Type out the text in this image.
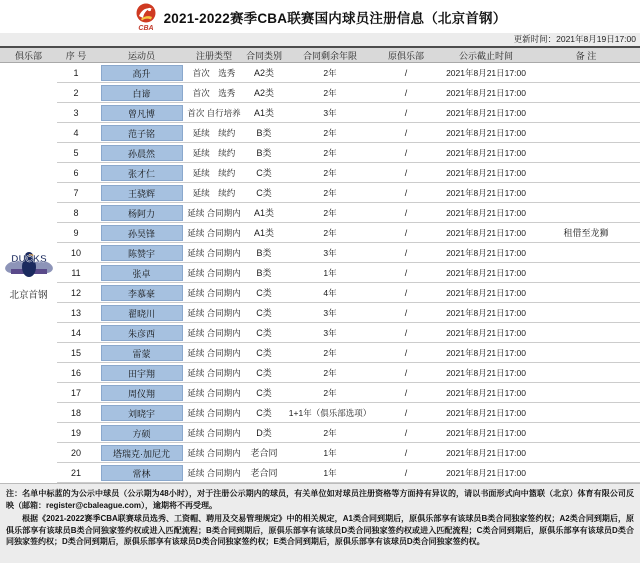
CBA
2021-2022赛季CBA联赛国内球员注册信息（北京首钢）
更新时间：2021年8月19日17:00
俱乐部	序 号	运动员	注册类型	合同类别	合同剩余年限	原俱乐部	公示截止时间	备 注
DUCKS
北京首钢
1	高升	首次　选秀	A2类	2年	/	2021年8月21日17:00
2	白谛	首次　选秀	A2类	2年	/	2021年8月21日17:00
3	曾凡博	首次 自行培养	A1类	3年	/	2021年8月21日17:00
4	范子铭	延续　续约	B类	2年	/	2021年8月21日17:00
5	孙晨然	延续　续约	B类	2年	/	2021年8月21日17:00
6	张才仁	延续　续约	C类	2年	/	2021年8月21日17:00
7	王骁辉	延续　续约	C类	2年	/	2021年8月21日17:00
8	杨阿力	延续 合同期内	A1类	2年	/	2021年8月21日17:00
9	孙昊锋	延续 合同期内	A1类	2年	/	2021年8月21日17:00	租借至龙狮
10	陈赞宇	延续 合同期内	B类	3年	/	2021年8月21日17:00
11	张卓	延续 合同期内	B类	1年	/	2021年8月21日17:00
12	李慕豪	延续 合同期内	C类	4年	/	2021年8月21日17:00
13	翟晓川	延续 合同期内	C类	3年	/	2021年8月21日17:00
14	朱彦西	延续 合同期内	C类	3年	/	2021年8月21日17:00
15	雷蒙	延续 合同期内	C类	2年	/	2021年8月21日17:00
16	田宇翔	延续 合同期内	C类	2年	/	2021年8月21日17:00
17	周仪翔	延续 合同期内	C类	2年	/	2021年8月21日17:00
18	刘晓宇	延续 合同期内	C类	1+1年（俱乐部选项）	/	2021年8月21日17:00
19	方硕	延续 合同期内	D类	2年	/	2021年8月21日17:00
20	塔瑞克·加尼尤	延续 合同期内	老合同	1年	/	2021年8月21日17:00
21	常林	延续 合同期内	老合同	1年	/	2021年8月21日17:00

注：名单中标蓝的为公示中球员（公示期为48小时），对于注册公示期内的球员，有关单位如对球员注册资格等方面持有异议的，请以书面形式向中篮联（北京）体育有限公司反映（邮箱：register@cbaleague.com），逾期将不再受理。

根据《2021-2022赛季CBA联赛球员选秀、工资帽、聘用及交易管理规定》中的相关规定，A1类合同到期后，原俱乐部享有该球员B类合同独家签约权；A2类合同到期后，原俱乐部享有该球员B类合同独家签约权或进入匹配流程；B类合同到期后，原俱乐部享有该球员D类合同独家签约权或进入匹配流程；C类合同到期后，原俱乐部享有该球员D类合同独家签约权；D类合同到期后，原俱乐部享有该球员D类合同独家签约权；E类合同到期后，原俱乐部享有该球员D类合同独家签约权。
